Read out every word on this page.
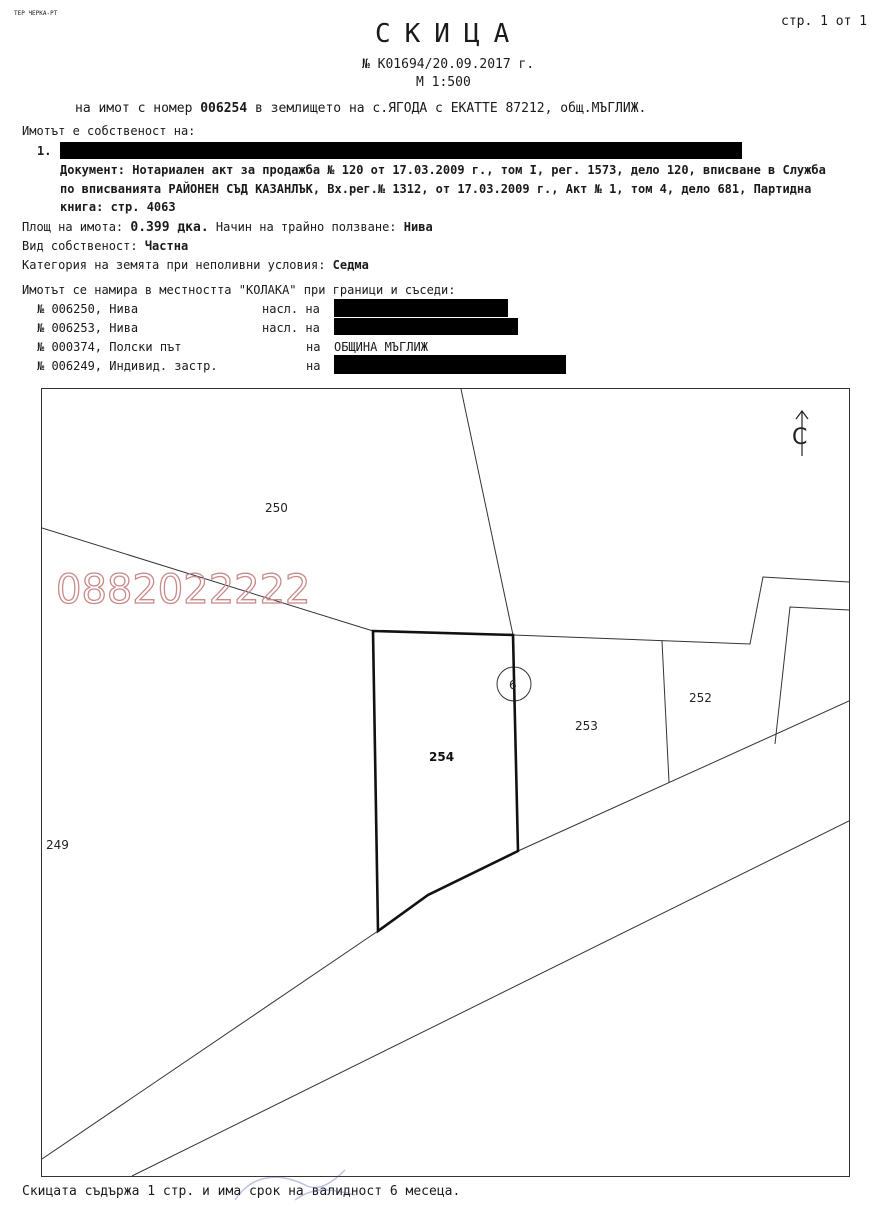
ТЕР ЧЕРКА-РТ
стр. 1 от 1
СКИЦА
№ К01694/20.09.2017 г.
М 1:500
на имот с номер 006254 в землището на с.ЯГОДА с ЕКАТТЕ 87212, общ.МЪГЛИЖ.
Имотът е собственост на:
1.
Документ: Нотариален акт за продажба № 120 от 17.03.2009 г., том I, рег. 1573, дело 120, вписване в Служба
по вписванията РАЙОНЕН СЪД КАЗАНЛЪК, Вх.рег.№ 1312, от 17.03.2009 г., Акт № 1, том 4, дело 681, Партидна
книга: стр. 4063
Площ на имота: 0.399 дка. Начин на трайно ползване: Нива
Вид собственост: Частна
Категория на земята при неполивни условия: Седма
Имотът се намира в местността "КОЛАКА" при граници и съседи:
№ 006250, Нива	насл. на
№ 006253, Нива	насл. на
№ 000374, Полски път	на ОБЩИНА МЪГЛИЖ
№ 006249, Индивид. застр.	на
250
249
253
252
254
6
0882022222
C
Скицата съдържа 1 стр. и има срок на валидност 6 месеца.
